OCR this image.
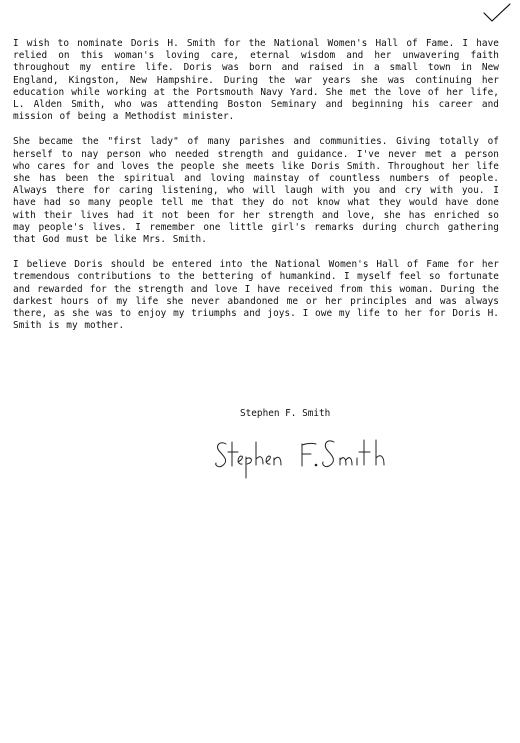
I wish to nominate Doris H. Smith for the National Women's Hall of Fame. I have relied on this woman's loving care, eternal wisdom and her unwavering faith throughout my entire life. Doris was born and raised in a small town in New England, Kingston, New Hampshire. During the war years she was continuing her education while working at the Portsmouth Navy Yard. She met the love of her life, L. Alden Smith, who was attending Boston Seminary and beginning his career and mission of being a Methodist minister.

She became the "first lady" of many parishes and communities. Giving totally of herself to nay person who needed strength and guidance. I've never met a person who cares for and loves the people she meets like Doris Smith. Throughout her life she has been the spiritual and loving mainstay of countless numbers of people. Always there for caring listening, who will laugh with you and cry with you. I have had so many people tell me that they do not know what they would have done with their lives had it not been for her strength and love, she has enriched so may people's lives. I remember one little girl's remarks during church gathering that God must be like Mrs. Smith.

I believe Doris should be entered into the National Women's Hall of Fame for her tremendous contributions to the bettering of humankind. I myself feel so fortunate and rewarded for the strength and love I have received from this woman. During the darkest hours of my life she never abandoned me or her principles and was always there, as she was to enjoy my triumphs and joys. I owe my life to her for Doris H. Smith is my mother.

Stephen F. Smith
